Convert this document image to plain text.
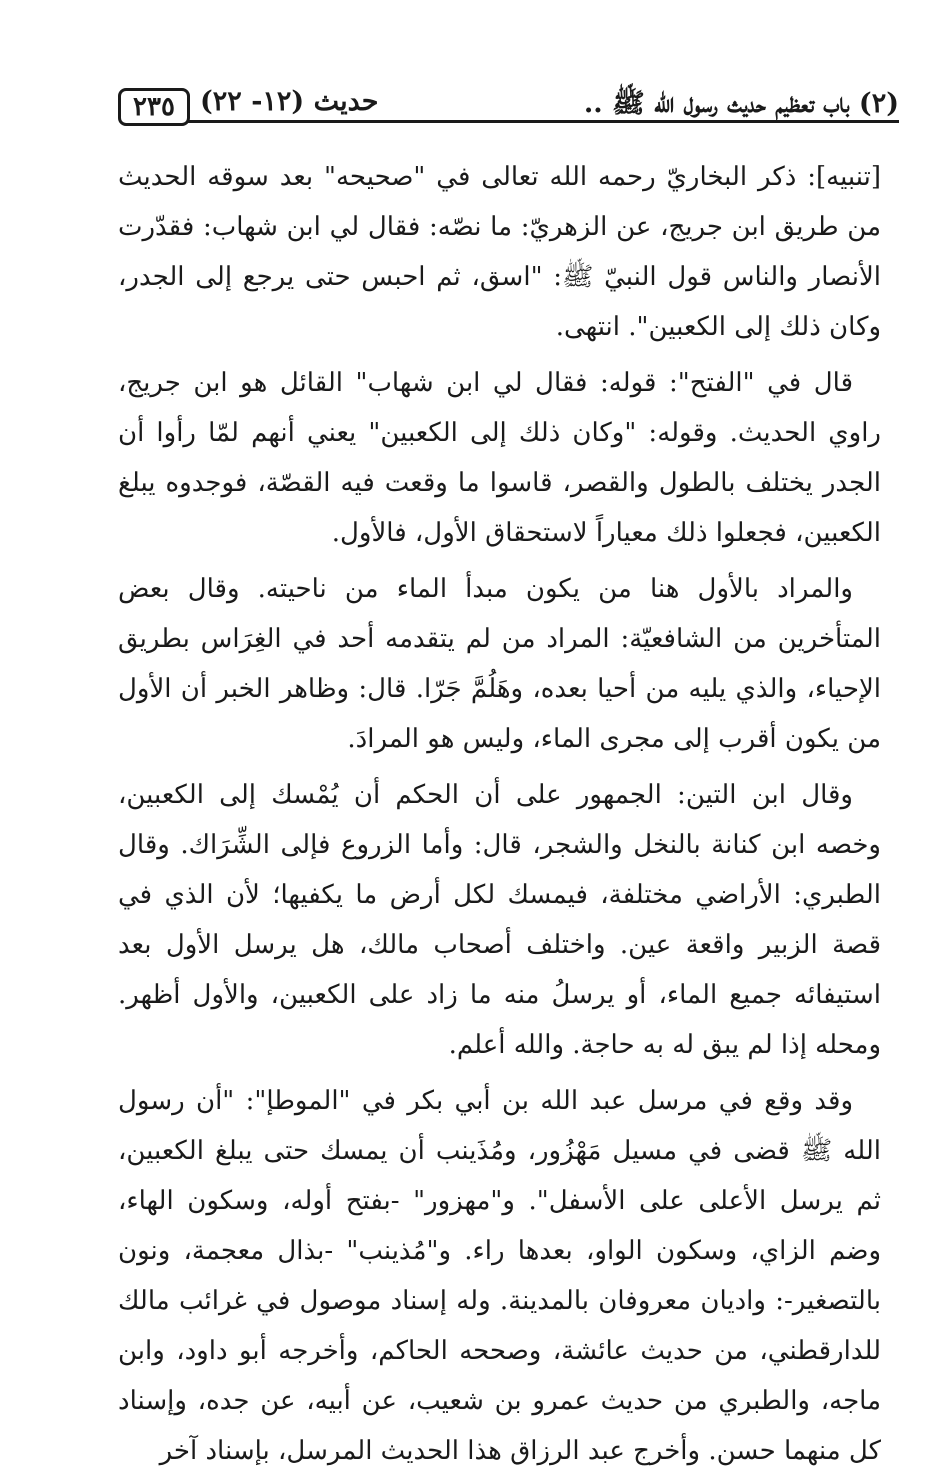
(٢) باب تعظيم حديث رسول الله ﷺ ..
حديث (١٢- ٢٢)
٢٣٥

[تنبيه]: ذكر البخاريّ رحمه الله تعالى في "صحيحه" بعد سوقه الحديث من طريق ابن جريج، عن الزهريّ: ما نصّه: فقال لي ابن شهاب: فقدّرت الأنصار والناس قول النبيّ ﷺ: "اسق، ثم احبس حتى يرجع إلى الجدر، وكان ذلك إلى الكعبين". انتهى.

قال في "الفتح": قوله: فقال لي ابن شهاب" القائل هو ابن جريج، راوي الحديث. وقوله: "وكان ذلك إلى الكعبين" يعني أنهم لمّا رأوا أن الجدر يختلف بالطول والقصر، قاسوا ما وقعت فيه القصّة، فوجدوه يبلغ الكعبين، فجعلوا ذلك معياراً لاستحقاق الأول، فالأول.

والمراد بالأول هنا من يكون مبدأ الماء من ناحيته. وقال بعض المتأخرين من الشافعيّة: المراد من لم يتقدمه أحد في الغِرَاس بطريق الإحياء، والذي يليه من أحيا بعده، وهَلُمَّ جَرّا. قال: وظاهر الخبر أن الأول من يكون أقرب إلى مجرى الماء، وليس هو المرادَ.

وقال ابن التين: الجمهور على أن الحكم أن يُمْسك إلى الكعبين، وخصه ابن كنانة بالنخل والشجر، قال: وأما الزروع فإلى الشِّرَاك. وقال الطبري: الأراضي مختلفة، فيمسك لكل أرض ما يكفيها؛ لأن الذي في قصة الزبير واقعة عين. واختلف أصحاب مالك، هل يرسل الأول بعد استيفائه جميع الماء، أو يرسلُ منه ما زاد على الكعبين، والأول أظهر. ومحله إذا لم يبق له به حاجة. والله أعلم.

وقد وقع في مرسل عبد الله بن أبي بكر في "الموطإ": "أن رسول الله ﷺ قضى في مسيل مَهْزُور، ومُذَينب أن يمسك حتى يبلغ الكعبين، ثم يرسل الأعلى على الأسفل". و"مهزور" -بفتح أوله، وسكون الهاء، وضم الزاي، وسكون الواو، بعدها راء. و"مُذينب" -بذال معجمة، ونون بالتصغير-: واديان معروفان بالمدينة. وله إسناد موصول في غرائب مالك للدارقطني، من حديث عائشة، وصححه الحاكم، وأخرجه أبو داود، وابن ماجه، والطبري من حديث عمرو بن شعيب، عن أبيه، عن جده، وإسناد كل منهما حسن. وأخرج عبد الرزاق هذا الحديث المرسل، بإسناد آخر
